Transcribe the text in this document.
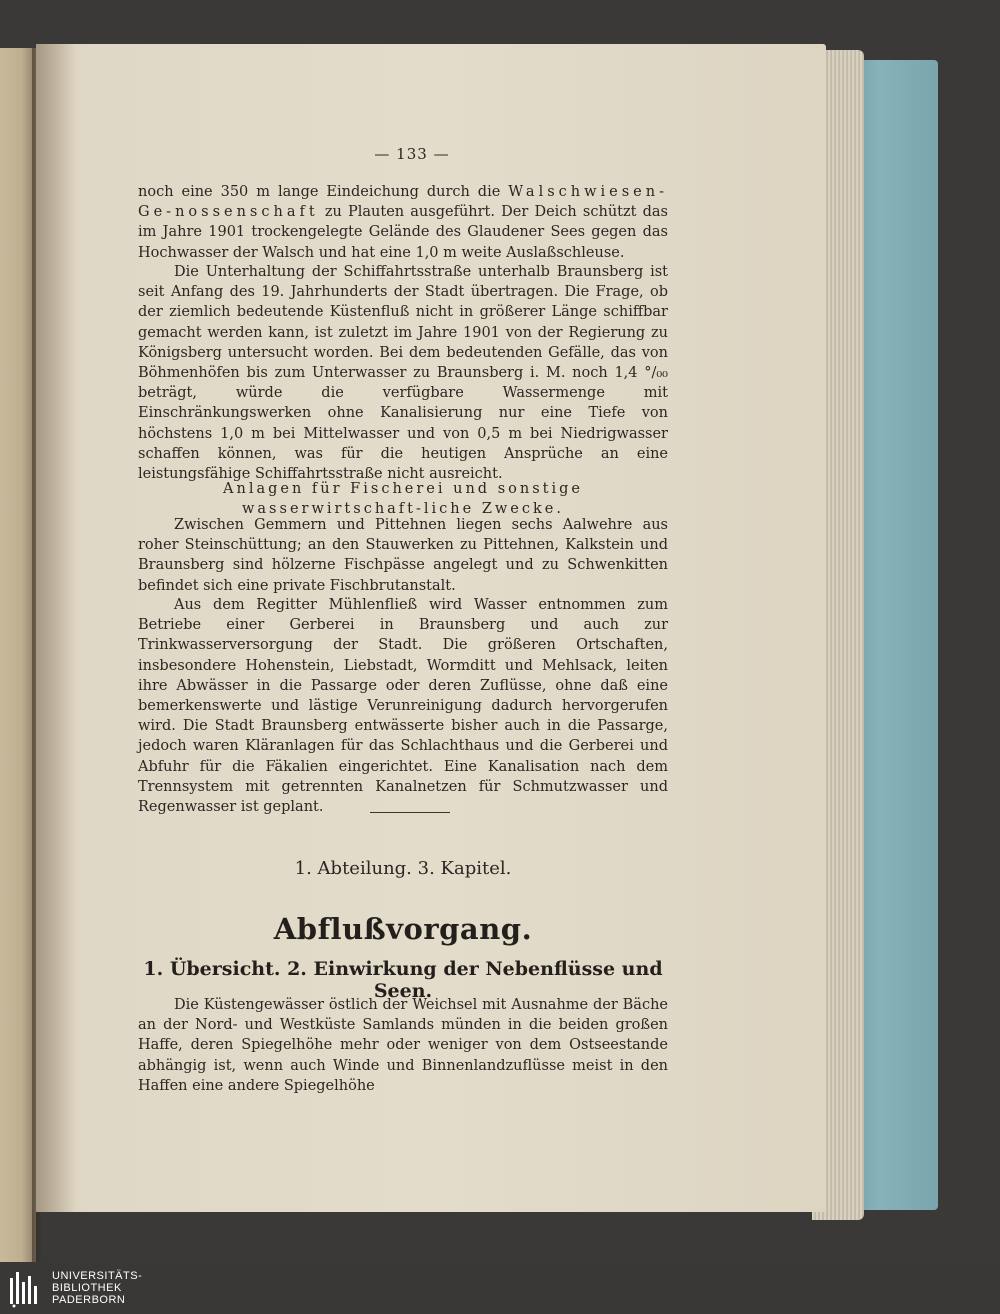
— 133 —

noch eine 350 m lange Eindeichung durch die Walschwiesen-Ge-nossenschaft zu Plauten ausgeführt. Der Deich schützt das im Jahre 1901 trockengelegte Gelände des Glaudener Sees gegen das Hochwasser der Walsch und hat eine 1,0 m weite Auslaßschleuse.

Die Unterhaltung der Schiffahrtsstraße unterhalb Braunsberg ist seit Anfang des 19. Jahrhunderts der Stadt übertragen. Die Frage, ob der ziemlich bedeutende Küstenfluß nicht in größerer Länge schiffbar gemacht werden kann, ist zuletzt im Jahre 1901 von der Regierung zu Königsberg untersucht worden. Bei dem bedeutenden Gefälle, das von Böhmenhöfen bis zum Unterwasser zu Braunsberg i. M. noch 1,4 °/₀₀ beträgt, würde die verfügbare Wassermenge mit Einschränkungswerken ohne Kanalisierung nur eine Tiefe von höchstens 1,0 m bei Mittelwasser und von 0,5 m bei Niedrigwasser schaffen können, was für die heutigen Ansprüche an eine leistungsfähige Schiffahrtsstraße nicht ausreicht.

Anlagen für Fischerei und sonstige wasserwirtschaft-liche Zwecke.

Zwischen Gemmern und Pittehnen liegen sechs Aalwehre aus roher Steinschüttung; an den Stauwerken zu Pittehnen, Kalkstein und Braunsberg sind hölzerne Fischpässe angelegt und zu Schwenkitten befindet sich eine private Fischbrutanstalt.

Aus dem Regitter Mühlenfließ wird Wasser entnommen zum Betriebe einer Gerberei in Braunsberg und auch zur Trinkwasserversorgung der Stadt. Die größeren Ortschaften, insbesondere Hohenstein, Liebstadt, Wormditt und Mehlsack, leiten ihre Abwässer in die Passarge oder deren Zuflüsse, ohne daß eine bemerkenswerte und lästige Verunreinigung dadurch hervorgerufen wird. Die Stadt Braunsberg entwässerte bisher auch in die Passarge, jedoch waren Kläranlagen für das Schlachthaus und die Gerberei und Abfuhr für die Fäkalien eingerichtet. Eine Kanalisation nach dem Trennsystem mit getrennten Kanalnetzen für Schmutzwasser und Regenwasser ist geplant.

1. Abteilung. 3. Kapitel.
Abflußvorgang.
1. Übersicht. 2. Einwirkung der Nebenflüsse und Seen.

Die Küstengewässer östlich der Weichsel mit Ausnahme der Bäche an der Nord- und Westküste Samlands münden in die beiden großen Haffe, deren Spiegelhöhe mehr oder weniger von dem Ostseestande abhängig ist, wenn auch Winde und Binnenlandzuflüsse meist in den Haffen eine andere Spiegelhöhe

UNIVERSITÄTS-
BIBLIOTHEK
PADERBORN
